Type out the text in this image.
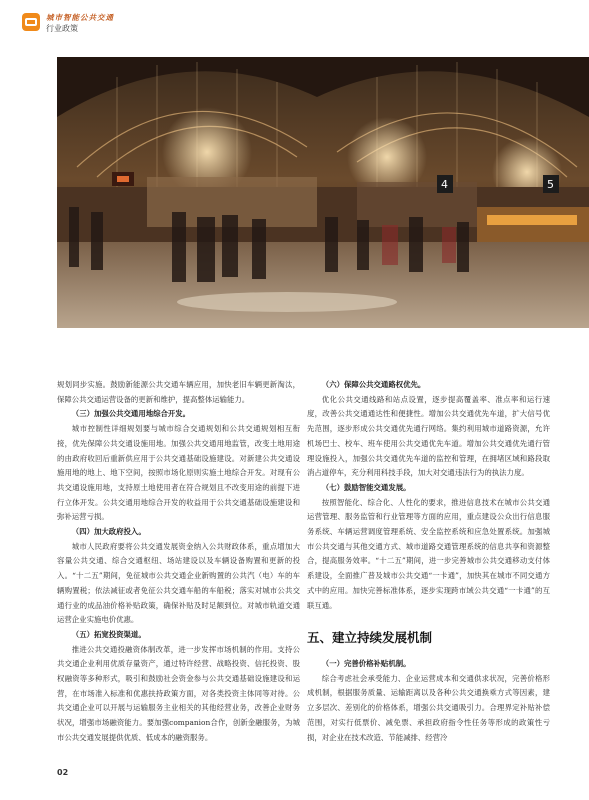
城市智能公共交通
行业政策
4	5

规划同步实施。鼓励新能源公共交通车辆应用，加快老旧车辆更新淘汰，保障公共交通运营设备的更新和维护，提高整体运输能力。

（三）加强公共交通用地综合开发。

城市控制性详细规划要与城市综合交通规划和公共交通规划相互衔接，优先保障公共交通设施用地。加强公共交通用地监管，改变土地用途的由政府收回后重新供应用于公共交通基础设施建设。对新建公共交通设施用地的地上、地下空间，按照市场化原则实施土地综合开发。对现有公共交通设施用地，支持原土地使用者在符合规划且不改变用途的前提下进行立体开发。公共交通用地综合开发的收益用于公共交通基础设施建设和弥补运营亏损。

（四）加大政府投入。

城市人民政府要将公共交通发展资金纳入公共财政体系，重点增加大容量公共交通、综合交通枢纽、场站建设以及车辆设备购置和更新的投入。“十二五”期间，免征城市公共交通企业新购置的公共汽（电）车的车辆购置税；依法减征或者免征公共交通车船的车船税；落实对城市公共交通行业的成品油价格补贴政策，确保补贴及时足额到位。对城市轨道交通运营企业实施电价优惠。

（五）拓宽投资渠道。

推进公共交通投融资体制改革，进一步发挥市场机制的作用。支持公共交通企业利用优质存量资产，通过特许经营、战略投资、信托投资、股权融资等多种形式，吸引和鼓励社会资金参与公共交通基础设施建设和运营，在市场准入标准和优惠扶持政策方面，对各类投资主体同等对待。公共交通企业可以开展与运输服务主业相关的其他经营业务，改善企业财务状况，增强市场融资能力。要加强companion合作，创新金融服务，为城市公共交通发展提供优质、低成本的融资服务。

（六）保障公共交通路权优先。

优化公共交通线路和站点设置，逐步提高覆盖率、准点率和运行速度，改善公共交通通达性和便捷性。增加公共交通优先车道，扩大信号优先范围，逐步形成公共交通优先通行网络。集约利用城市道路资源，允许机场巴士、校车、班车使用公共交通优先车道。增加公共交通优先通行管理设施投入，加强公共交通优先车道的监控和管理，在拥堵区域和路段取消占道停车，充分利用科技手段，加大对交通违法行为的执法力度。

（七）鼓励智能交通发展。

按照智能化、综合化、人性化的要求，推进信息技术在城市公共交通运营管理、服务监管和行业管理等方面的应用，重点建设公众出行信息服务系统、车辆运营调度管理系统、安全监控系统和应急处置系统。加强城市公共交通与其他交通方式、城市道路交通管理系统的信息共享和资源整合，提高服务效率。“十二五”期间，进一步完善城市公共交通移动支付体系建设，全面推广普及城市公共交通“一卡通”，加快其在城市不同交通方式中的应用。加快完善标准体系，逐步实现跨市域公共交通“一卡通”的互联互通。

五、建立持续发展机制

（一）完善价格补贴机制。

综合考虑社会承受能力、企业运营成本和交通供求状况，完善价格形成机制，根据服务质量、运输距离以及各种公共交通换乘方式等因素，建立多层次、差别化的价格体系，增强公共交通吸引力。合理界定补贴补偿范围，对实行低票价、减免票、承担政府指令性任务等形成的政策性亏损，对企业在技术改造、节能减排、经营冷

02
